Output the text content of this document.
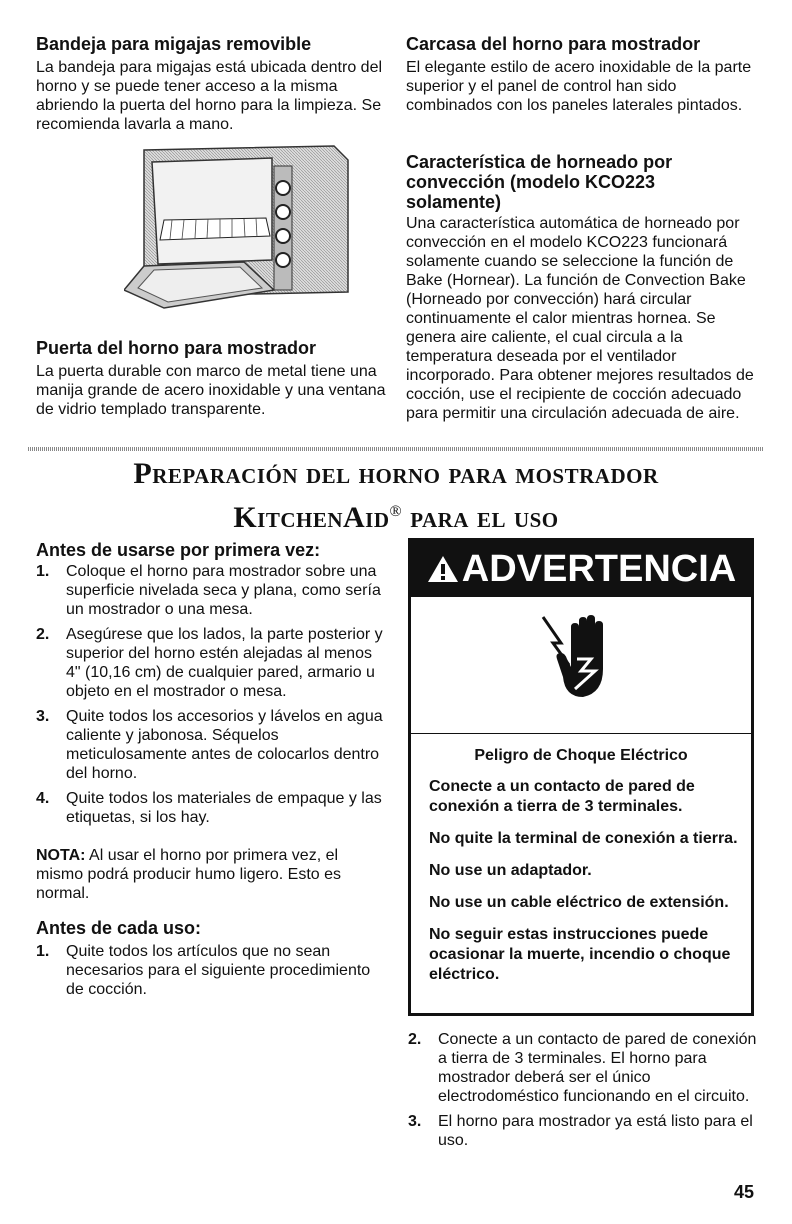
Bandeja para migajas removible

La bandeja para migajas está ubicada dentro del horno y se puede tener acceso a la misma abriendo la puerta del horno para la limpieza. Se recomienda lavarla a mano.

Puerta del horno para mostrador

La puerta durable con marco de metal tiene una manija grande de acero inoxidable y una ventana de vidrio templado transparente.

Carcasa del horno para mostrador

El elegante estilo de acero inoxidable de la parte superior y el panel de control han sido combinados con los paneles laterales pintados.

Característica de horneado por convección (modelo KCO223 solamente)

Una característica automática de horneado por convección en el modelo KCO223 funcionará solamente cuando se seleccione la función de Bake (Hornear). La función de Convection Bake (Horneado por convección) hará circular continuamente el calor mientras hornea. Se genera aire caliente, el cual circula a la temperatura deseada por el ventilador incorporado. Para obtener mejores resultados de cocción, use el recipiente de cocción adecuado para permitir una circulación adecuada de aire.

Preparación del horno para mostrador
KitchenAid® para el uso
Antes de usarse por primera vez:
1. Coloque el horno para mostrador sobre una superficie nivelada seca y plana, como sería un mostrador o una mesa.
2. Asegúrese que los lados, la parte posterior y superior del horno estén alejadas al menos 4" (10,16 cm) de cualquier pared, armario u objeto en el mostrador o mesa.
3. Quite todos los accesorios y lávelos en agua caliente y jabonosa. Séquelos meticulosamente antes de colocarlos dentro del horno.
4. Quite todos los materiales de empaque y las etiquetas, si los hay.

NOTA: Al usar el horno por primera vez, el mismo podrá producir humo ligero. Esto es normal.

Antes de cada uso:
1. Quite todos los artículos que no sean necesarios para el siguiente procedimiento de cocción.
ADVERTENCIA
Peligro de Choque Eléctrico
Conecte a un contacto de pared de conexión a tierra de 3 terminales.
No quite la terminal de conexión a tierra.
No use un adaptador.
No use un cable eléctrico de extensión.
No seguir estas instrucciones puede ocasionar la muerte, incendio o choque eléctrico.
2. Conecte a un contacto de pared de conexión a tierra de 3 terminales. El horno para mostrador deberá ser el único electrodoméstico funcionando en el circuito.
3. El horno para mostrador ya está listo para el uso.
45
